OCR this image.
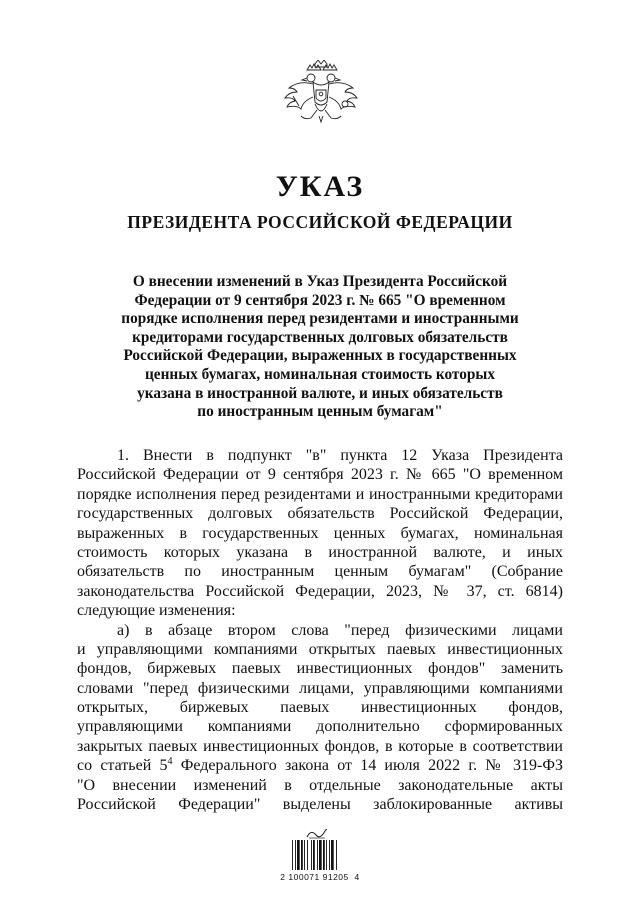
УКАЗ
ПРЕЗИДЕНТА РОССИЙСКОЙ ФЕДЕРАЦИИ
О внесении изменений в Указ Президента Российской
Федерации от 9 сентября 2023 г. № 665 "О временном
порядке исполнения перед резидентами и иностранными
кредиторами государственных долговых обязательств
Российской Федерации, выраженных в государственных
ценных бумагах, номинальная стоимость которых
указана в иностранной валюте, и иных обязательств
по иностранным ценным бумагам"
1. Внести в подпункт "в" пункта 12 Указа Президента
Российской Федерации от 9 сентября 2023 г. № 665 "О временном
порядке исполнения перед резидентами и иностранными кредиторами
государственных долговых обязательств Российской Федерации,
выраженных в государственных ценных бумагах, номинальная
стоимость которых указана в иностранной валюте, и иных
обязательств по иностранным ценным бумагам" (Собрание
законодательства Российской Федерации, 2023, № 37, ст. 6814)
следующие изменения:
а) в абзаце втором слова "перед физическими лицами
и управляющими компаниями открытых паевых инвестиционных
фондов, биржевых паевых инвестиционных фондов" заменить
словами "перед физическими лицами, управляющими компаниями
открытых, биржевых паевых инвестиционных фондов,
управляющими компаниями дополнительно сформированных
закрытых паевых инвестиционных фондов, в которые в соответствии
со статьей $5^4$ Федерального закона от 14 июля 2022 г. № 319-ФЗ
"О внесении изменений в отдельные законодательные акты
Российской Федерации" выделены заблокированные активы
2 100071 91205  4
